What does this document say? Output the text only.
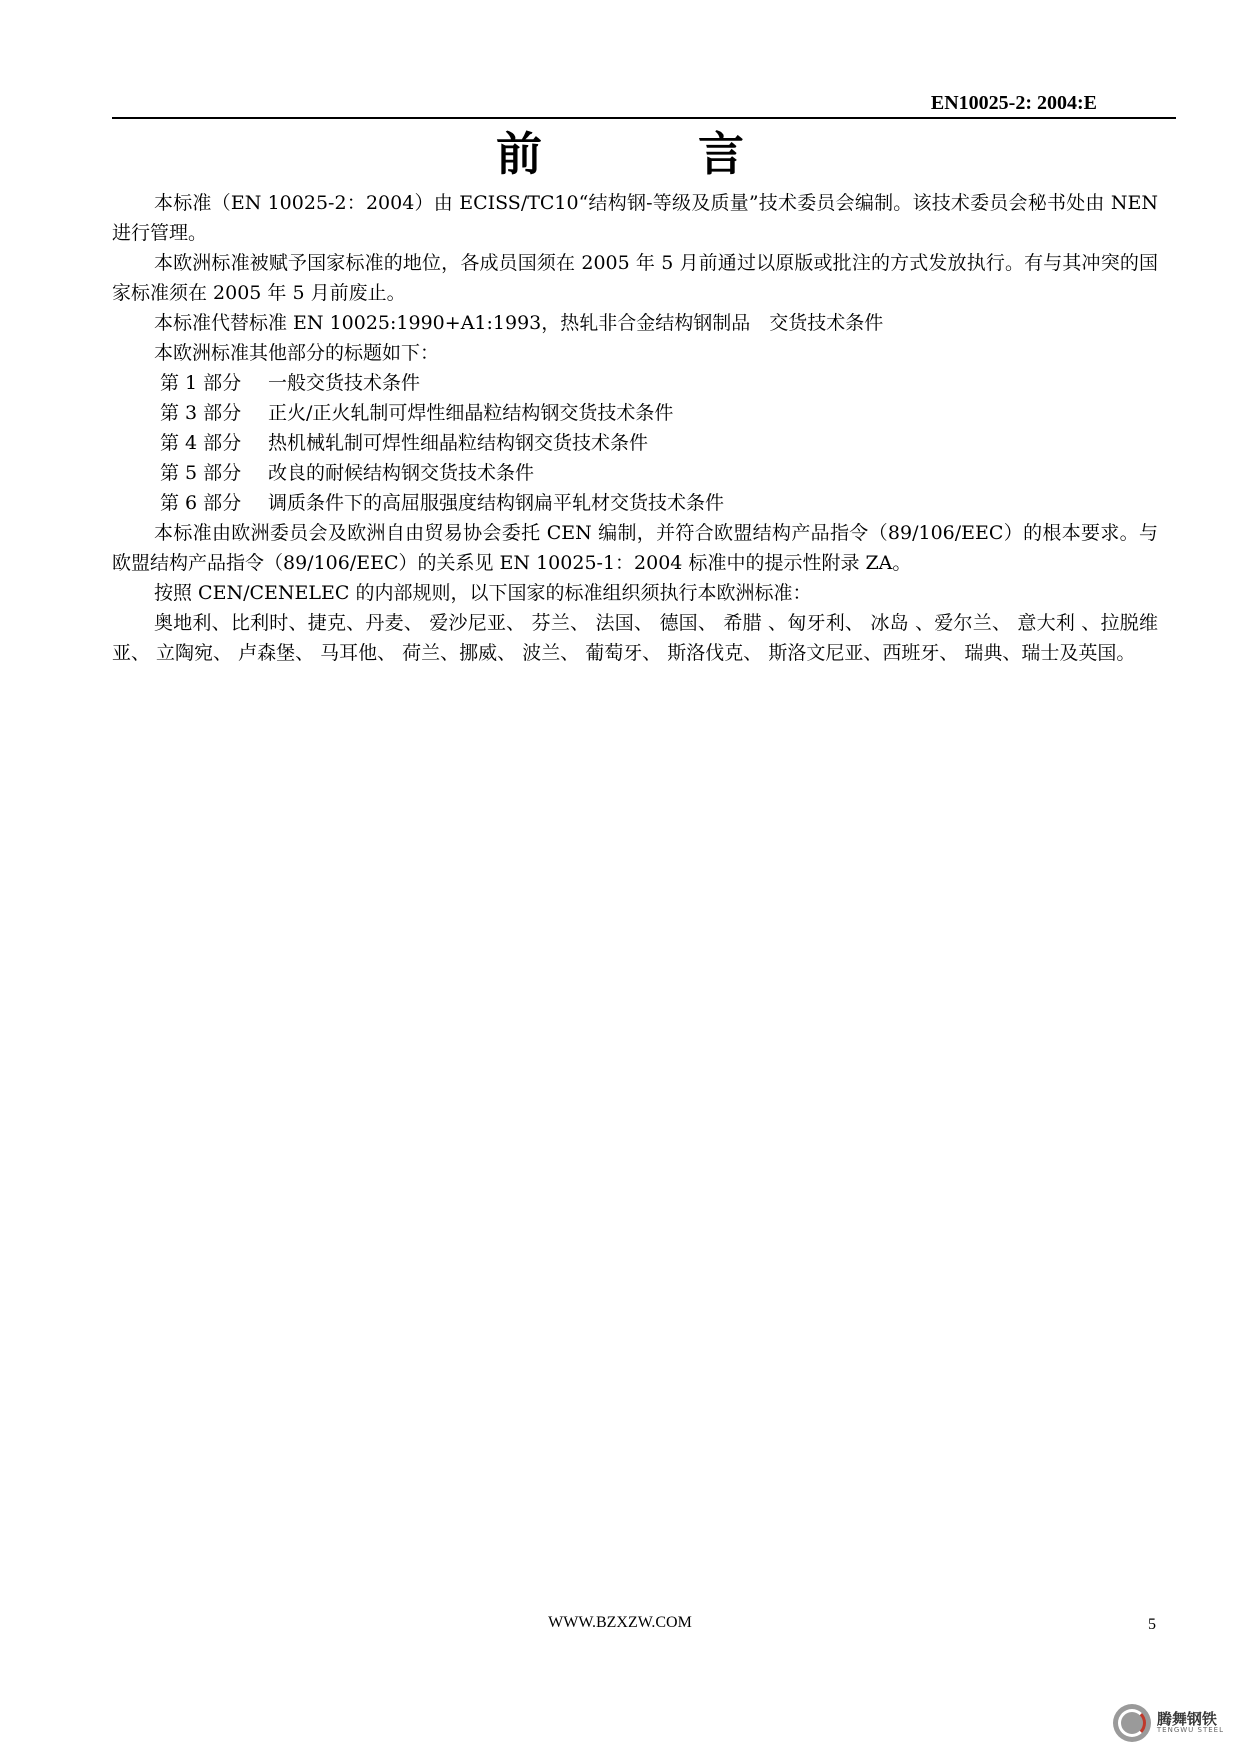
EN10025-2: 2004:E
前 言

本标准（EN 10025-2：2004）由 ECISS/TC10“结构钢-等级及质量”技术委员会编制。该技术委员会秘书处由 NEN 进行管理。

本欧洲标准被赋予国家标准的地位，各成员国须在 2005 年 5 月前通过以原版或批注的方式发放执行。有与其冲突的国家标准须在 2005 年 5 月前废止。

本标准代替标准 EN 10025:1990+A1:1993，热轧非合金结构钢制品　交货技术条件

本欧洲标准其他部分的标题如下：

第 1 部分 一般交货技术条件
第 3 部分 正火/正火轧制可焊性细晶粒结构钢交货技术条件
第 4 部分 热机械轧制可焊性细晶粒结构钢交货技术条件
第 5 部分 改良的耐候结构钢交货技术条件
第 6 部分 调质条件下的高屈服强度结构钢扁平轧材交货技术条件

本标准由欧洲委员会及欧洲自由贸易协会委托 CEN 编制，并符合欧盟结构产品指令（89/106/EEC）的根本要求。与欧盟结构产品指令（89/106/EEC）的关系见 EN 10025-1：2004 标准中的提示性附录 ZA。

按照 CEN/CENELEC 的内部规则，以下国家的标准组织须执行本欧洲标准：

奥地利、比利时、捷克、丹麦、 爱沙尼亚、 芬兰、 法国、 德国、 希腊 、匈牙利、 冰岛 、爱尔兰、 意大利 、拉脱维亚、 立陶宛、 卢森堡、 马耳他、 荷兰、挪威、 波兰、 葡萄牙、 斯洛伐克、 斯洛文尼亚、西班牙、 瑞典、瑞士及英国。

WWW.BZXZW.COM	5
腾舞钢铁
TENGWU STEEL
